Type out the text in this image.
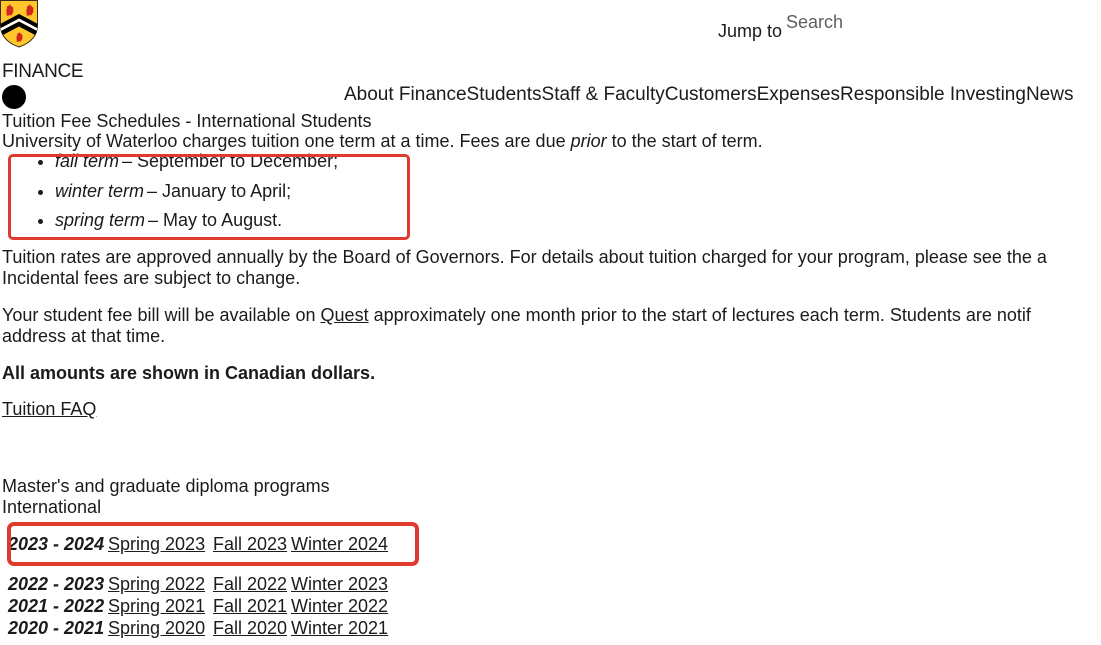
Jump to Search
FINANCE
About FinanceStudentsStaff & FacultyCustomersExpensesResponsible InvestingNews
Tuition Fee Schedules - International Students

University of Waterloo charges tuition one term at a time. Fees are due prior to the start of term.

• fall term – September to December;
• winter term – January to April;
• spring term – May to August.
Tuition rates are approved annually by the Board of Governors. For details about tuition charged for your program, please see the a
Incidental fees are subject to change.
Your student fee bill will be available on Quest approximately one month prior to the start of lectures each term. Students are notif
address at that time.
All amounts are shown in Canadian dollars.
Tuition FAQ
Master's and graduate diploma programs
International
2023 - 2024	Spring 2023	Fall 2023	Winter 2024
2022 - 2023	Spring 2022	Fall 2022	Winter 2023
2021 - 2022	Spring 2021	Fall 2021	Winter 2022
2020 - 2021	Spring 2020	Fall 2020	Winter 2021
